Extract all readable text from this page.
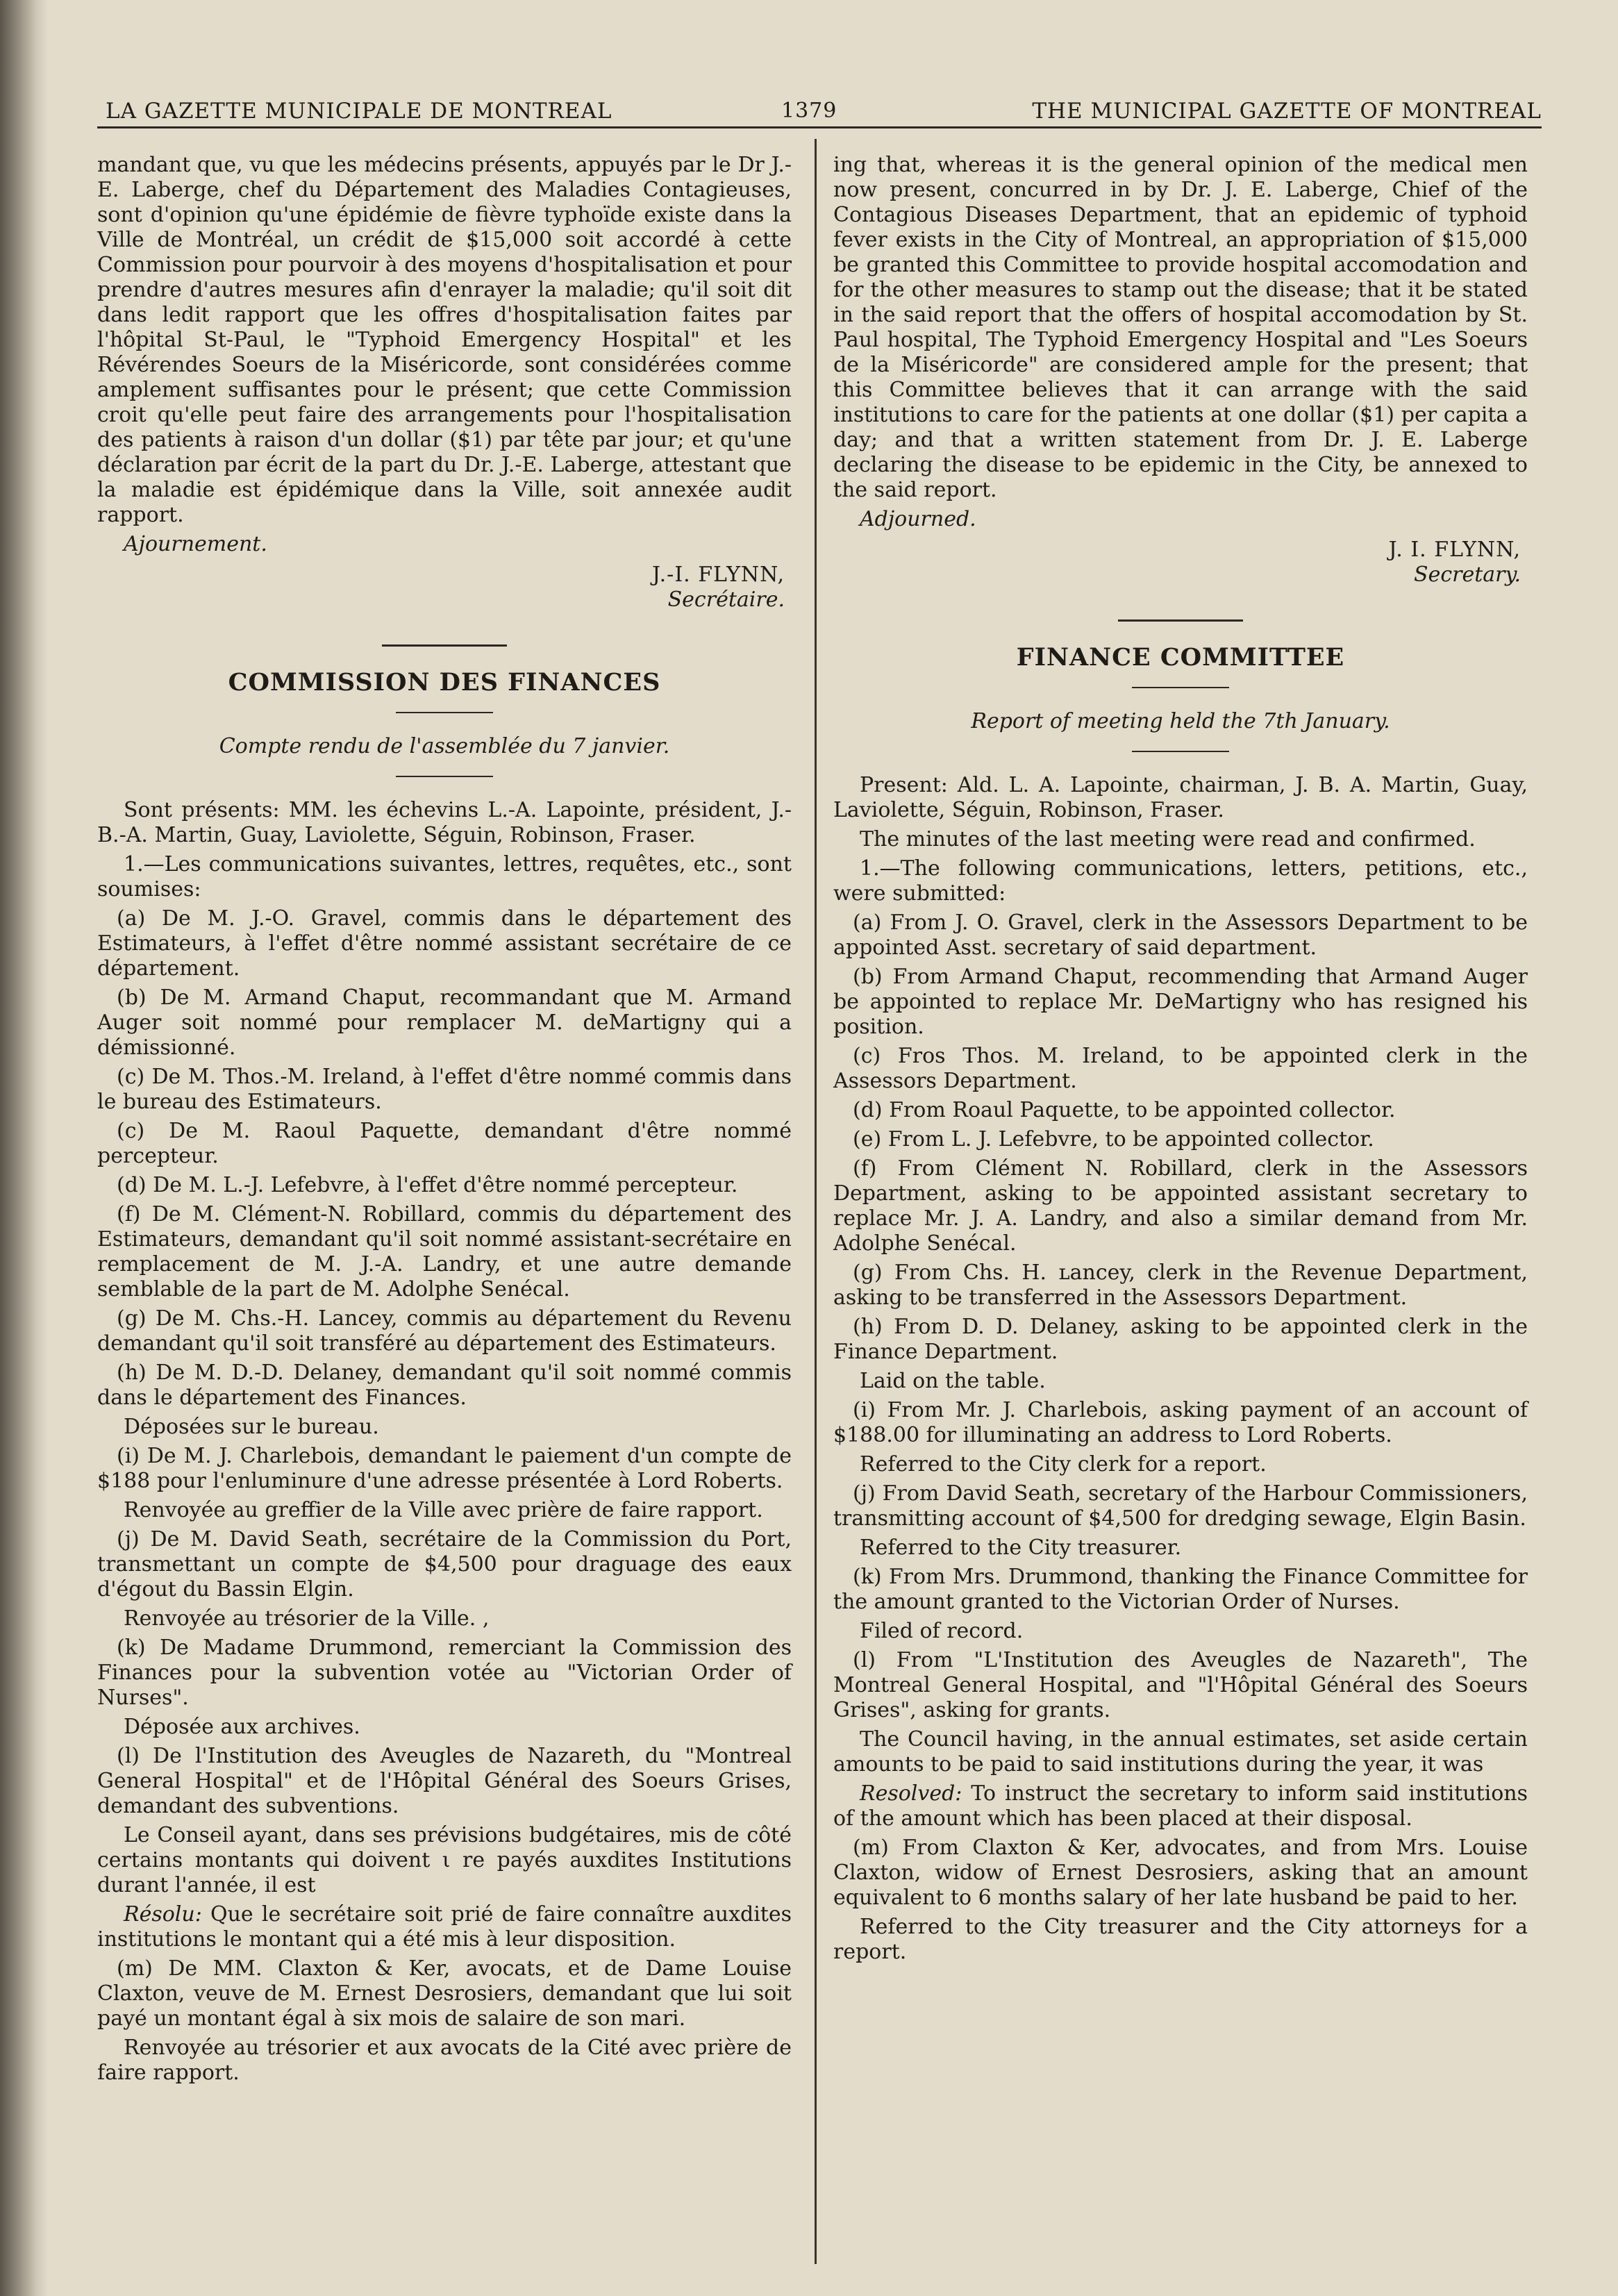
LA GAZETTE MUNICIPALE DE MONTREAL	1379	THE MUNICIPAL GAZETTE OF MONTREAL

mandant que, vu que les médecins présents, appuyés par le Dr J.-E. Laberge, chef du Département des Maladies Contagieuses, sont d'opinion qu'une épidémie de fièvre typhoïde existe dans la Ville de Montréal, un crédit de $15,000 soit accordé à cette Commission pour pourvoir à des moyens d'hospitalisation et pour prendre d'autres mesures afin d'enrayer la maladie; qu'il soit dit dans ledit rapport que les offres d'hospitalisation faites par l'hôpital St-Paul, le "Typhoid Emergency Hospital" et les Révérendes Soeurs de la Miséricorde, sont considérées comme amplement suffisantes pour le présent; que cette Commission croit qu'elle peut faire des arrangements pour l'hospitalisation des patients à raison d'un dollar ($1) par tête par jour; et qu'une déclaration par écrit de la part du Dr. J.-E. Laberge, attestant que la maladie est épidémique dans la Ville, soit annexée audit rapport.

Ajournement.

J.-I. FLYNN,
Secrétaire.
COMMISSION DES FINANCES

Compte rendu de l'assemblée du 7 janvier.

Sont présents: MM. les échevins L.-A. Lapointe, président, J.-B.-A. Martin, Guay, Laviolette, Séguin, Robinson, Fraser.

1.—Les communications suivantes, lettres, requêtes, etc., sont soumises:

(a) De M. J.-O. Gravel, commis dans le département des Estimateurs, à l'effet d'être nommé assistant secrétaire de ce département.

(b) De M. Armand Chaput, recommandant que M. Armand Auger soit nommé pour remplacer M. deMartigny qui a démissionné.

(c) De M. Thos.-M. Ireland, à l'effet d'être nommé commis dans le bureau des Estimateurs.

(c) De M. Raoul Paquette, demandant d'être nommé percepteur.

(d) De M. L.-J. Lefebvre, à l'effet d'être nommé percepteur.

(f) De M. Clément-N. Robillard, commis du département des Estimateurs, demandant qu'il soit nommé assistant-secrétaire en remplacement de M. J.-A. Landry, et une autre demande semblable de la part de M. Adolphe Senécal.

(g) De M. Chs.-H. Lancey, commis au département du Revenu demandant qu'il soit transféré au département des Estimateurs.

(h) De M. D.-D. Delaney, demandant qu'il soit nommé commis dans le département des Finances.

Déposées sur le bureau.

(i) De M. J. Charlebois, demandant le paiement d'un compte de $188 pour l'enluminure d'une adresse présentée à Lord Roberts.

Renvoyée au greffier de la Ville avec prière de faire rapport.

(j) De M. David Seath, secrétaire de la Commission du Port, transmettant un compte de $4,500 pour draguage des eaux d'égout du Bassin Elgin.

Renvoyée au trésorier de la Ville. ,

(k) De Madame Drummond, remerciant la Commission des Finances pour la subvention votée au "Victorian Order of Nurses".

Déposée aux archives.

(l) De l'Institution des Aveugles de Nazareth, du "Montreal General Hospital" et de l'Hôpital Général des Soeurs Grises, demandant des subventions.

Le Conseil ayant, dans ses prévisions budgétaires, mis de côté certains montants qui doivent ι re payés auxdites Institutions durant l'année, il est

Résolu: Que le secrétaire soit prié de faire connaître auxdites institutions le montant qui a été mis à leur disposition.

(m) De MM. Claxton & Ker, avocats, et de Dame Louise Claxton, veuve de M. Ernest Desrosiers, demandant que lui soit payé un montant égal à six mois de salaire de son mari.

Renvoyée au trésorier et aux avocats de la Cité avec prière de faire rapport.

ing that, whereas it is the general opinion of the medical men now present, concurred in by Dr. J. E. Laberge, Chief of the Contagious Diseases Department, that an epidemic of typhoid fever exists in the City of Montreal, an appropriation of $15,000 be granted this Committee to provide hospital accomodation and for the other measures to stamp out the disease; that it be stated in the said report that the offers of hospital accomodation by St. Paul hospital, The Typhoid Emergency Hospital and "Les Soeurs de la Miséricorde" are considered ample for the present; that this Committee believes that it can arrange with the said institutions to care for the patients at one dollar ($1) per capita a day; and that a written statement from Dr. J. E. Laberge declaring the disease to be epidemic in the City, be annexed to the said report.

Adjourned.

J. I. FLYNN,
Secretary.
FINANCE COMMITTEE

Report of meeting held the 7th January.

Present: Ald. L. A. Lapointe, chairman, J. B. A. Martin, Guay, Laviolette, Séguin, Robinson, Fraser.

The minutes of the last meeting were read and confirmed.

1.—The following communications, letters, petitions, etc., were submitted:

(a) From J. O. Gravel, clerk in the Assessors Department to be appointed Asst. secretary of said department.

(b) From Armand Chaput, recommending that Armand Auger be appointed to replace Mr. DeMartigny who has resigned his position.

(c) Fros Thos. M. Ireland, to be appointed clerk in the Assessors Department.

(d) From Roaul Paquette, to be appointed collector.

(e) From L. J. Lefebvre, to be appointed collector.

(f) From Clément N. Robillard, clerk in the Assessors Department, asking to be appointed assistant secretary to replace Mr. J. A. Landry, and also a similar demand from Mr. Adolphe Senécal.

(g) From Chs. H. ʟancey, clerk in the Revenue Department, asking to be transferred in the Assessors Department.

(h) From D. D. Delaney, asking to be appointed clerk in the Finance Department.

Laid on the table.

(i) From Mr. J. Charlebois, asking payment of an account of $188.00 for illuminating an address to Lord Roberts.

Referred to the City clerk for a report.

(j) From David Seath, secretary of the Harbour Commissioners, transmitting account of $4,500 for dredging sewage, Elgin Basin.

Referred to the City treasurer.

(k) From Mrs. Drummond, thanking the Finance Committee for the amount granted to the Victorian Order of Nurses.

Filed of record.

(l) From "L'Institution des Aveugles de Nazareth", The Montreal General Hospital, and "l'Hôpital Général des Soeurs Grises", asking for grants.

The Council having, in the annual estimates, set aside certain amounts to be paid to said institutions during the year, it was

Resolved: To instruct the secretary to inform said institutions of the amount which has been placed at their disposal.

(m) From Claxton & Ker, advocates, and from Mrs. Louise Claxton, widow of Ernest Desrosiers, asking that an amount equivalent to 6 months salary of her late husband be paid to her.

Referred to the City treasurer and the City attorneys for a report.
